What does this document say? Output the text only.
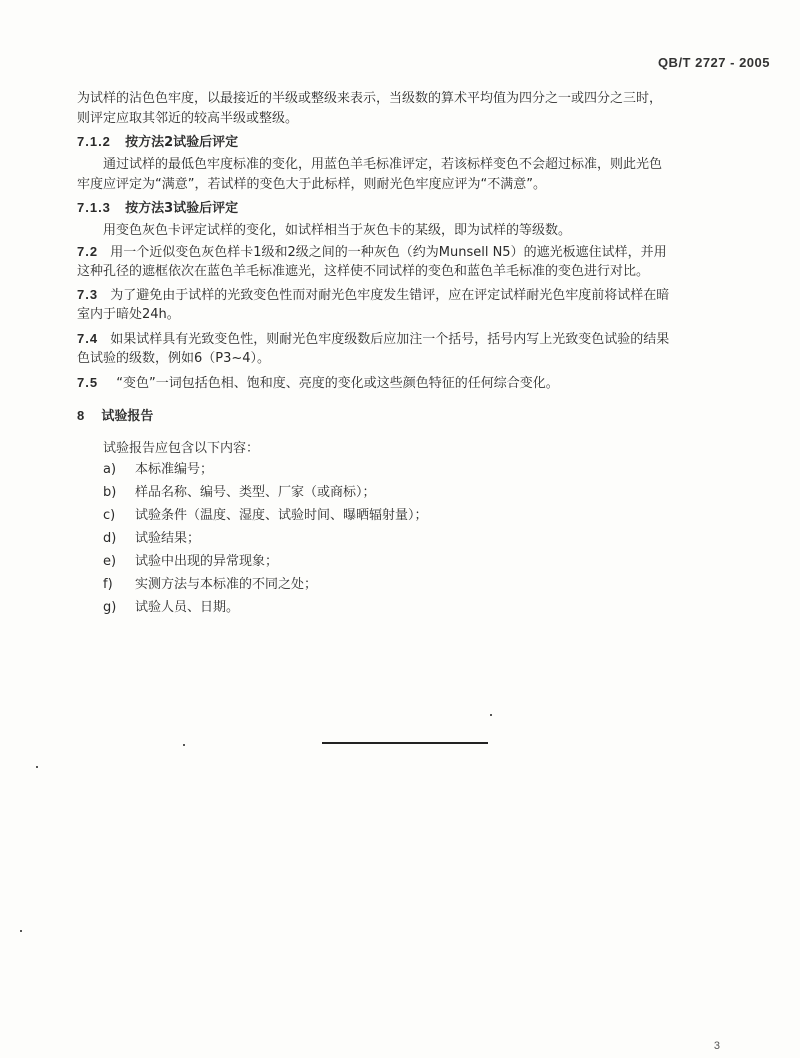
QB/T 2727 - 2005
为试样的沾色色牢度，以最接近的半级或整级来表示，当级数的算术平均值为四分之一或四分之三时，
则评定应取其邻近的较高半级或整级。
7.1.2 按方法2试验后评定
通过试样的最低色牢度标准的变化，用蓝色羊毛标准评定，若该标样变色不会超过标准，则此光色
牢度应评定为“满意”，若试样的变色大于此标样，则耐光色牢度应评为“不满意”。
7.1.3 按方法3试验后评定
用变色灰色卡评定试样的变化，如试样相当于灰色卡的某级，即为试样的等级数。
7.2 用一个近似变色灰色样卡1级和2级之间的一种灰色（约为Munsell N5）的遮光板遮住试样，并用
这种孔径的遮框依次在蓝色羊毛标准遮光，这样使不同试样的变色和蓝色羊毛标准的变色进行对比。
7.3 为了避免由于试样的光致变色性而对耐光色牢度发生错评，应在评定试样耐光色牢度前将试样在暗
室内于暗处24h。
7.4 如果试样具有光致变色性，则耐光色牢度级数后应加注一个括号，括号内写上光致变色试验的结果
色试验的级数，例如6（P3~4）。
7.5 “变色”一词包括色相、饱和度、亮度的变化或这些颜色特征的任何综合变化。
8 试验报告
试验报告应包含以下内容：
a) 本标准编号；
b) 样品名称、编号、类型、厂家（或商标）；
c) 试验条件（温度、湿度、试验时间、曝晒辐射量）；
d) 试验结果；
e) 试验中出现的异常现象；
f) 实测方法与本标准的不同之处；
g) 试验人员、日期。
3
